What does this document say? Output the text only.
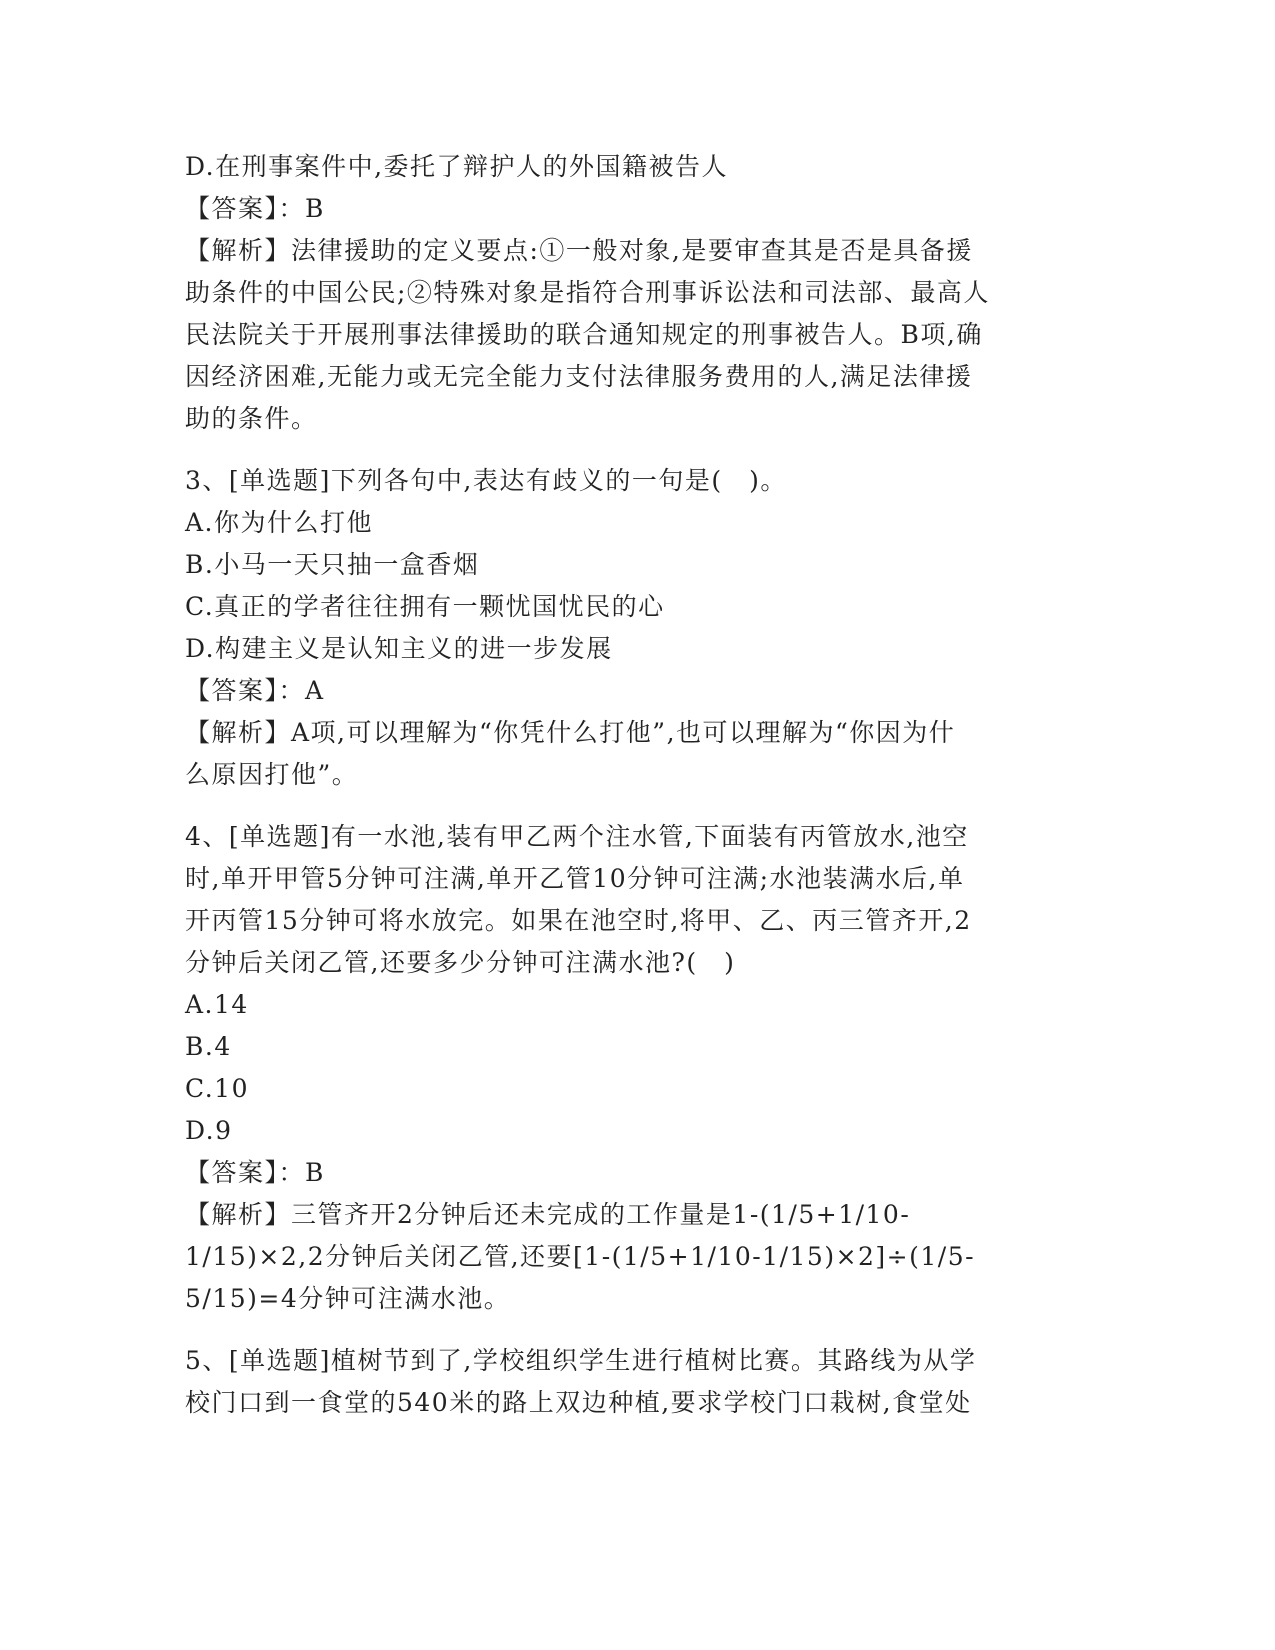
D.在刑事案件中,委托了辩护人的外国籍被告人
【答案】：B
【解析】法律援助的定义要点:①一般对象,是要审查其是否是具备援
助条件的中国公民;②特殊对象是指符合刑事诉讼法和司法部、最高人
民法院关于开展刑事法律援助的联合通知规定的刑事被告人。B项,确
因经济困难,无能力或无完全能力支付法律服务费用的人,满足法律援
助的条件。
3、[单选题]下列各句中,表达有歧义的一句是(　)。
A.你为什么打他
B.小马一天只抽一盒香烟
C.真正的学者往往拥有一颗忧国忧民的心
D.构建主义是认知主义的进一步发展
【答案】：A
【解析】A项,可以理解为“你凭什么打他”,也可以理解为“你因为什
么原因打他”。
4、[单选题]有一水池,装有甲乙两个注水管,下面装有丙管放水,池空
时,单开甲管5分钟可注满,单开乙管10分钟可注满;水池装满水后,单
开丙管15分钟可将水放完。如果在池空时,将甲、乙、丙三管齐开,2
分钟后关闭乙管,还要多少分钟可注满水池?(　)
A.14
B.4
C.10
D.9
【答案】：B
【解析】三管齐开2分钟后还未完成的工作量是1-(1/5+1/10-
1/15)×2,2分钟后关闭乙管,还要[1-(1/5+1/10-1/15)×2]÷(1/5-
5/15)=4分钟可注满水池。
5、[单选题]植树节到了,学校组织学生进行植树比赛。其路线为从学
校门口到一食堂的540米的路上双边种植,要求学校门口栽树,食堂处
